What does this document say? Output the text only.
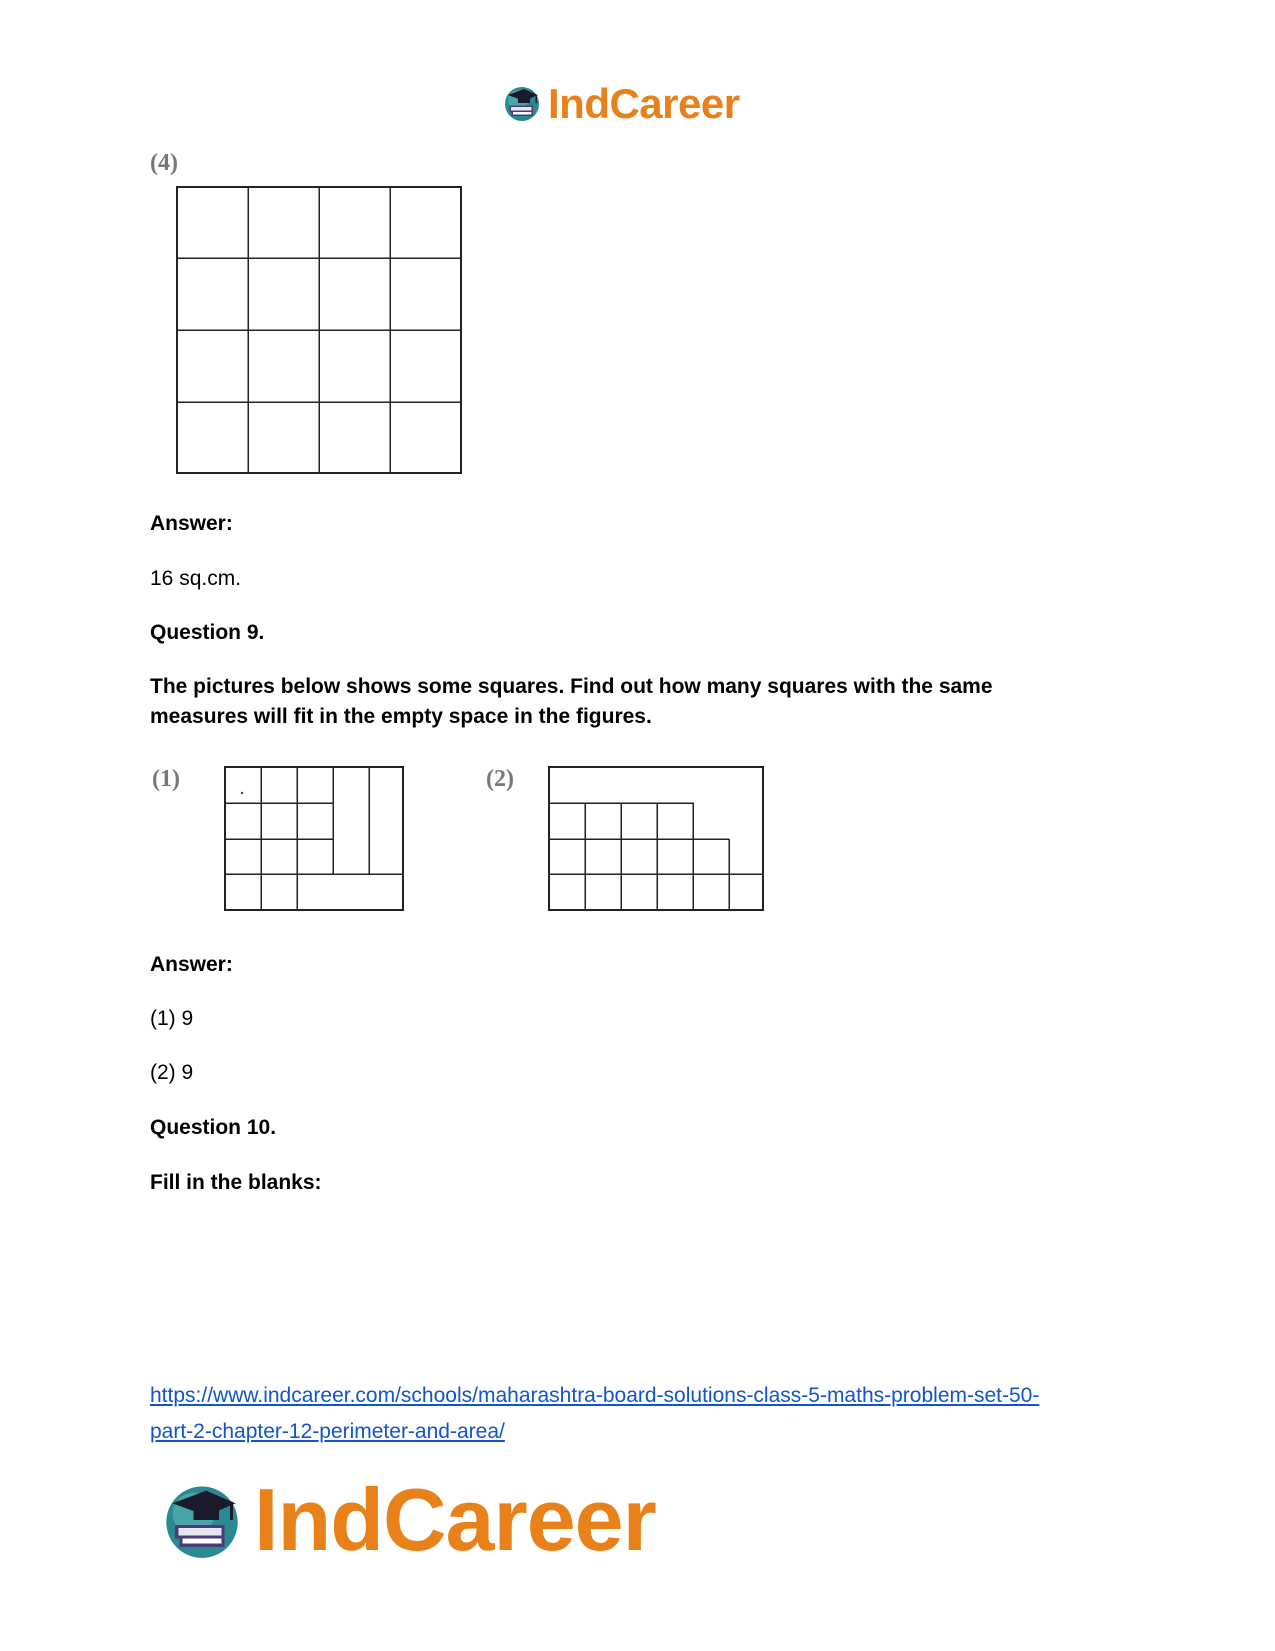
IndCareer
(4)
Answer:
16 sq.cm.
Question 9.
The pictures below shows some squares. Find out how many squares with the same
measures will fit in the empty space in the figures.
(1)	(2)
Answer:
(1) 9
(2) 9
Question 10.
Fill in the blanks:
https://www.indcareer.com/schools/maharashtra-board-solutions-class-5-maths-problem-set-50-
part-2-chapter-12-perimeter-and-area/
IndCareer
